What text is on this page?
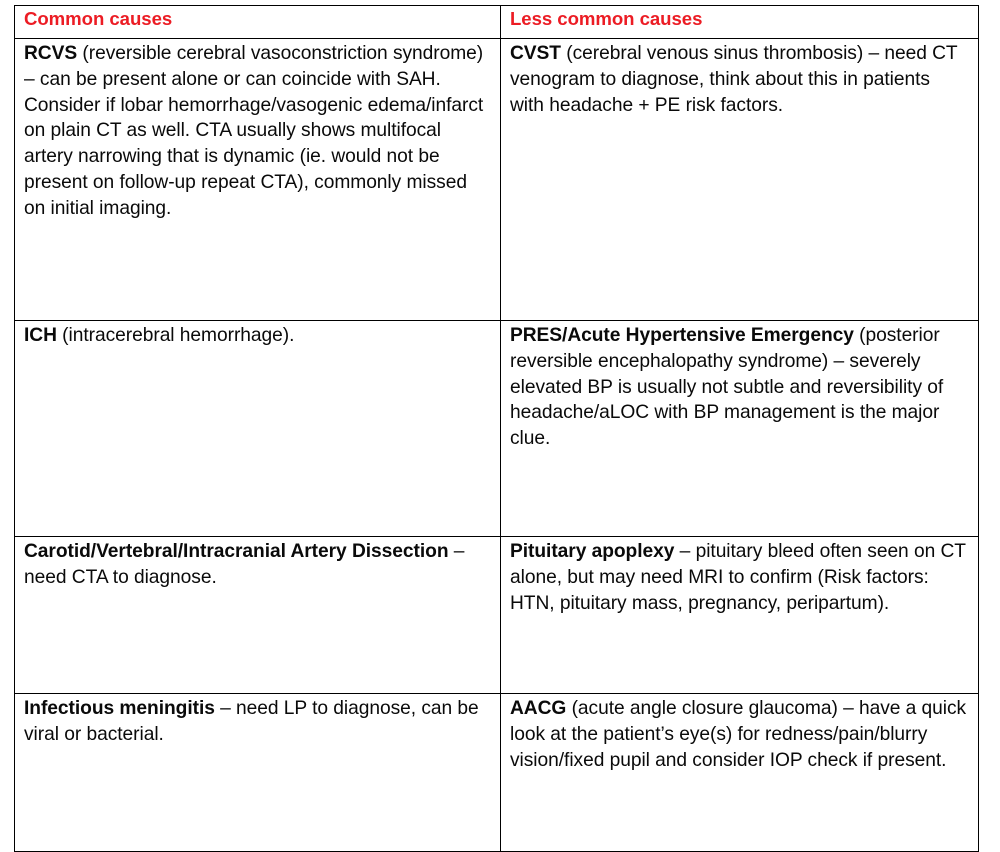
Common causes	Less common causes

RCVS (reversible cerebral vasoconstriction syndrome) – can be present alone or can coincide with SAH. Consider if lobar hemorrhage/vasogenic edema/infarct on plain CT as well. CTA usually shows multifocal artery narrowing that is dynamic (ie. would not be present on follow-up repeat CTA), commonly missed on initial imaging.	CVST (cerebral venous sinus thrombosis) – need CT venogram to diagnose, think about this in patients with headache + PE risk factors.

ICH (intracerebral hemorrhage).	PRES/Acute Hypertensive Emergency (posterior reversible encephalopathy syndrome) – severely elevated BP is usually not subtle and reversibility of headache/aLOC with BP management is the major clue.

Carotid/Vertebral/Intracranial Artery Dissection – need CTA to diagnose.	Pituitary apoplexy – pituitary bleed often seen on CT alone, but may need MRI to confirm (Risk factors: HTN, pituitary mass, pregnancy, peripartum).

Infectious meningitis – need LP to diagnose, can be viral or bacterial.	AACG (acute angle closure glaucoma) – have a quick look at the patient’s eye(s) for redness/pain/blurry vision/fixed pupil and consider IOP check if present.
